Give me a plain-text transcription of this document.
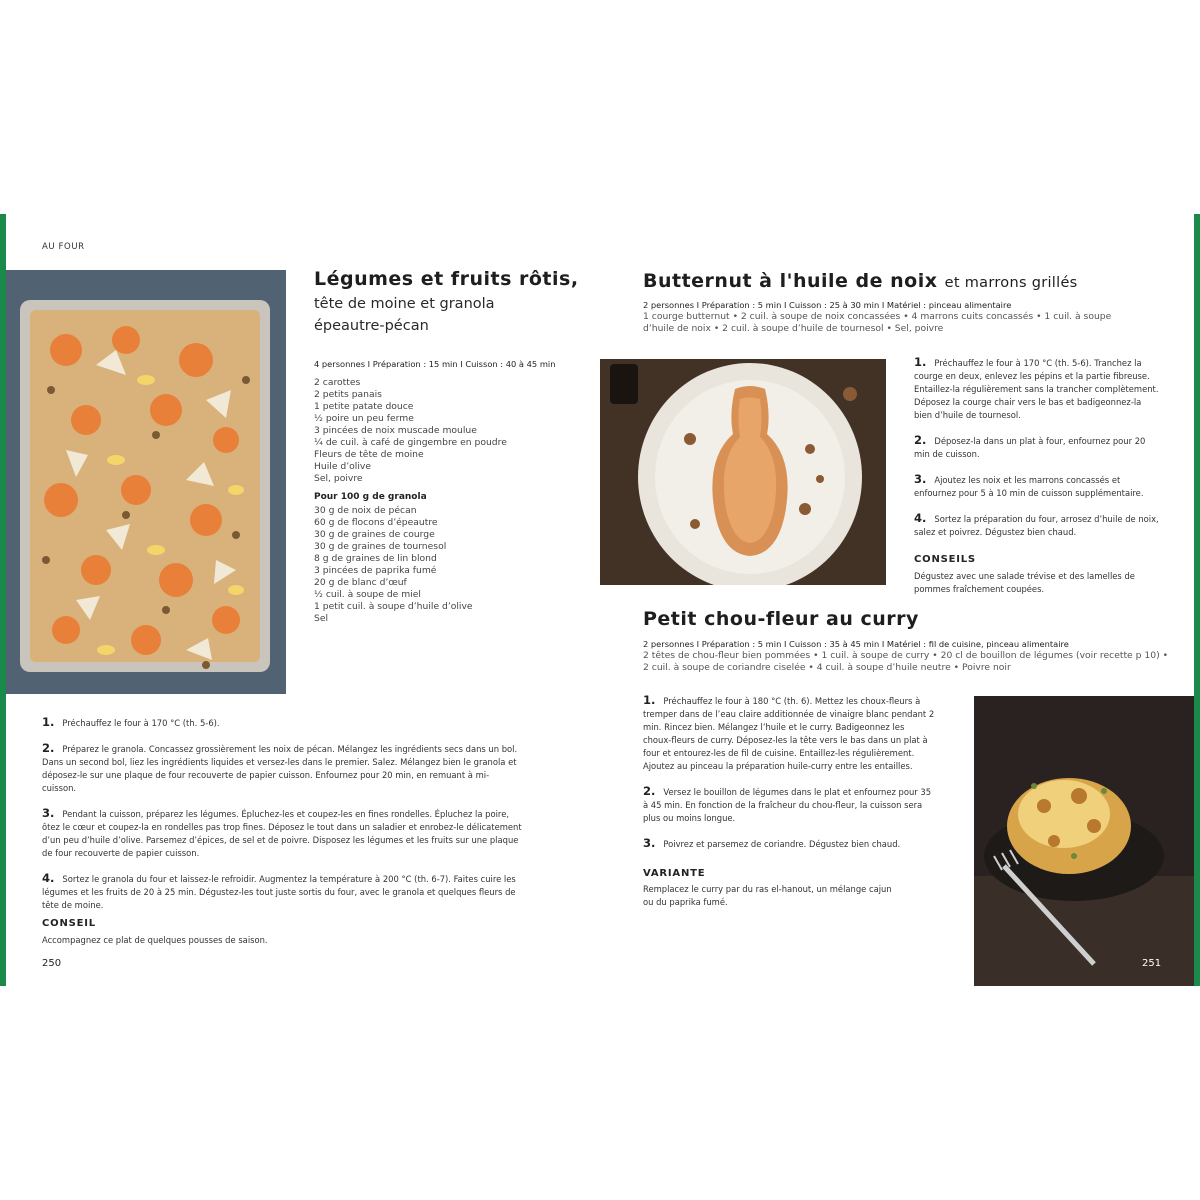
AU FOUR
Légumes et fruits rôtis,
tête de moine et granola
épeautre-pécan
4 personnes I Préparation : 15 min I Cuisson : 40 à 45 min
2 carottes
2 petits panais
1 petite patate douce
½ poire un peu ferme
3 pincées de noix muscade moulue
¼ de cuil. à café de gingembre en poudre
Fleurs de tête de moine
Huile d’olive
Sel, poivre
Pour 100 g de granola
30 g de noix de pécan
60 g de flocons d’épeautre
30 g de graines de courge
30 g de graines de tournesol
8 g de graines de lin blond
3 pincées de paprika fumé
20 g de blanc d’œuf
½ cuil. à soupe de miel
1 petit cuil. à soupe d’huile d’olive
Sel
1. Préchauffez le four à 170 °C (th. 5-6).
2. Préparez le granola. Concassez grossièrement les noix de pécan. Mélangez les ingrédients secs dans un bol. Dans un second bol, liez les ingrédients liquides et versez-les dans le premier. Salez. Mélangez bien le granola et déposez-le sur une plaque de four recouverte de papier cuisson. Enfournez pour 20 min, en remuant à mi-cuisson.
3. Pendant la cuisson, préparez les légumes. Épluchez-les et coupez-les en fines rondelles. Épluchez la poire, ôtez le cœur et coupez-la en rondelles pas trop fines. Déposez le tout dans un saladier et enrobez-le délicatement d’un peu d’huile d’olive. Parsemez d’épices, de sel et de poivre. Disposez les légumes et les fruits sur une plaque de four recouverte de papier cuisson.
4. Sortez le granola du four et laissez-le refroidir. Augmentez la température à 200 °C (th. 6-7). Faites cuire les légumes et les fruits de 20 à 25 min. Dégustez-les tout juste sortis du four, avec le granola et quelques fleurs de tête de moine.
CONSEIL
Accompagnez ce plat de quelques pousses de saison.
250
Butternut à l'huile de noix et marrons grillés
2 personnes I Préparation : 5 min I Cuisson : 25 à 30 min I Matériel : pinceau alimentaire
1 courge butternut • 2 cuil. à soupe de noix concassées • 4 marrons cuits concassés • 1 cuil. à soupe
d’huile de noix • 2 cuil. à soupe d’huile de tournesol • Sel, poivre
1. Préchauffez le four à 170 °C (th. 5-6). Tranchez la courge en deux, enlevez les pépins et la partie fibreuse. Entaillez-la régulièrement sans la trancher complètement. Déposez la courge chair vers le bas et badigeonnez-la bien d’huile de tournesol.
2. Déposez-la dans un plat à four, enfournez pour 20 min de cuisson.
3. Ajoutez les noix et les marrons concassés et enfournez pour 5 à 10 min de cuisson supplémentaire.
4. Sortez la préparation du four, arrosez d’huile de noix, salez et poivrez. Dégustez bien chaud.
CONSEILS
Dégustez avec une salade trévise et des lamelles de pommes fraîchement coupées.
Petit chou-fleur au curry
2 personnes I Préparation : 5 min I Cuisson : 35 à 45 min I Matériel : fil de cuisine, pinceau alimentaire
2 têtes de chou-fleur bien pommées • 1 cuil. à soupe de curry • 20 cl de bouillon de légumes (voir recette p 10) •
2 cuil. à soupe de coriandre ciselée • 4 cuil. à soupe d’huile neutre • Poivre noir
1. Préchauffez le four à 180 °C (th. 6). Mettez les choux-fleurs à tremper dans de l’eau claire additionnée de vinaigre blanc pendant 2 min. Rincez bien. Mélangez l’huile et le curry. Badigeonnez les choux-fleurs de curry. Déposez-les la tête vers le bas dans un plat à four et entourez-les de fil de cuisine. Entaillez-les régulièrement. Ajoutez au pinceau la préparation huile-curry entre les entailles.
2. Versez le bouillon de légumes dans le plat et enfournez pour 35 à 45 min. En fonction de la fraîcheur du chou-fleur, la cuisson sera plus ou moins longue.
3. Poivrez et parsemez de coriandre. Dégustez bien chaud.
VARIANTE
Remplacez le curry par du ras el-hanout, un mélange cajun ou du paprika fumé.
251
